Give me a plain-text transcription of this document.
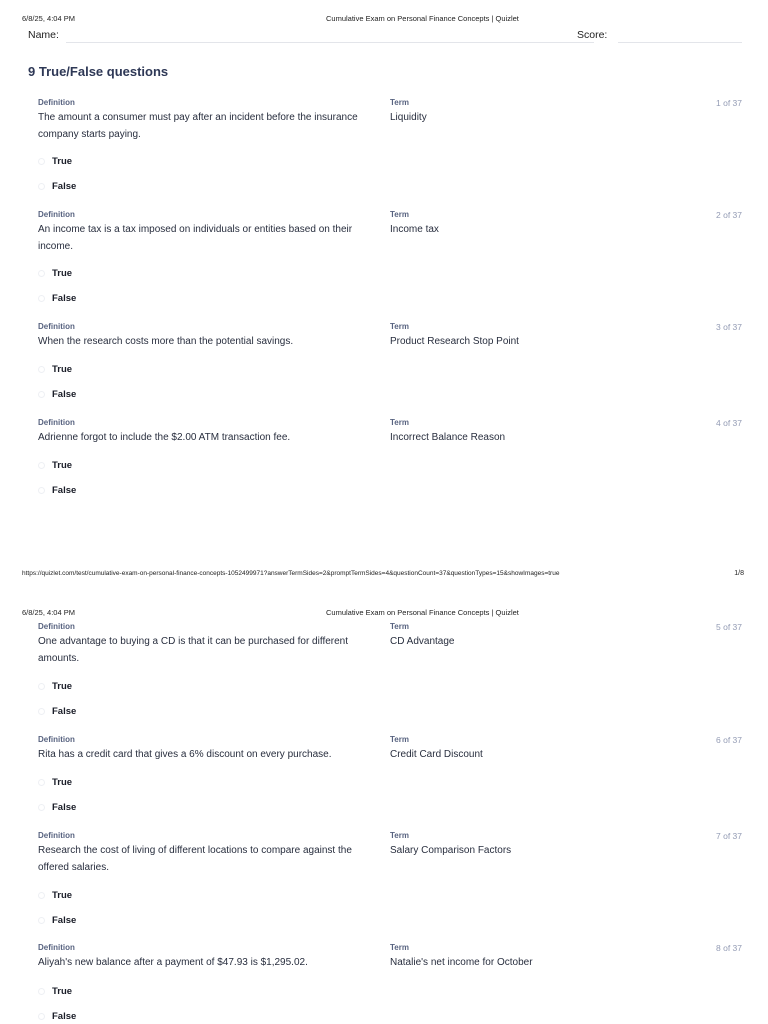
6/8/25, 4:04 PM	Cumulative Exam on Personal Finance Concepts | Quizlet
Name:	Score:
9 True/False questions
Definition	Term	1 of 37
The amount a consumer must pay after an incident before the insurance company starts paying.
Liquidity
True
False
Definition	Term	2 of 37
An income tax is a tax imposed on individuals or entities based on their income.
Income tax
True
False
Definition	Term	3 of 37
When the research costs more than the potential savings.	Product Research Stop Point
True
False
Definition	Term	4 of 37
Adrienne forgot to include the $2.00 ATM transaction fee.	Incorrect Balance Reason
True
False
https://quizlet.com/test/cumulative-exam-on-personal-finance-concepts-1052499971?answerTermSides=2&promptTermSides=4&questionCount=37&questionTypes=15&showImages=true	1/8
6/8/25, 4:04 PM	Cumulative Exam on Personal Finance Concepts | Quizlet
Definition	Term	5 of 37
One advantage to buying a CD is that it can be purchased for different amounts.
CD Advantage
True
False
Definition	Term	6 of 37
Rita has a credit card that gives a 6% discount on every purchase.	Credit Card Discount
True
False
Definition	Term	7 of 37
Research the cost of living of different locations to compare against the offered salaries.
Salary Comparison Factors
True
False
Definition	Term	8 of 37
Aliyah's new balance after a payment of $47.93 is $1,295.02.	Natalie's net income for October
True
False
